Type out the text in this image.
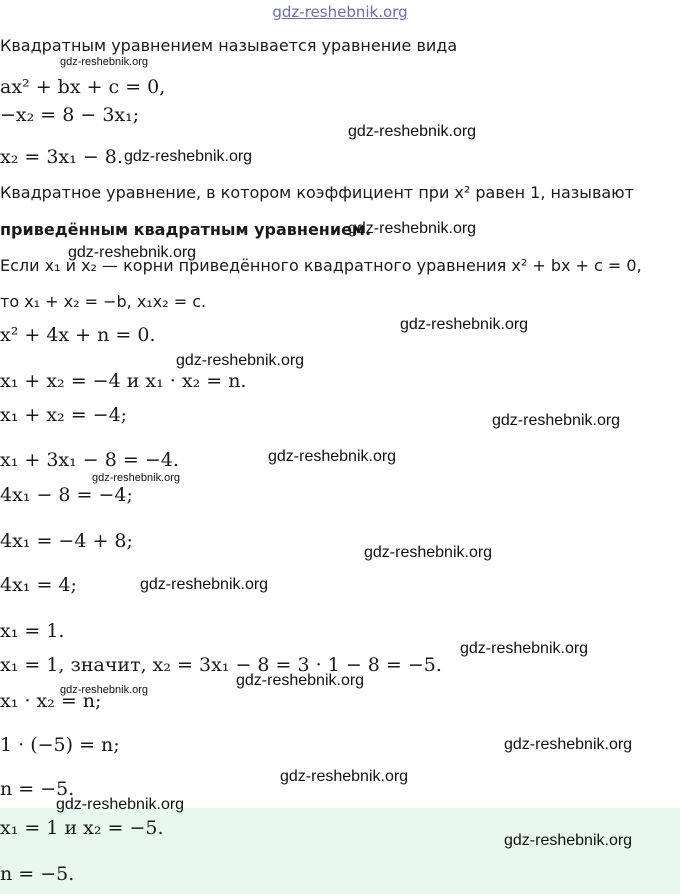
gdz-reshebnik.org
Квадратным уравнением называется уравнение вида
ax² + bx + c = 0,
−x₂ = 8 − 3x₁;
x₂ = 3x₁ − 8.
Квадратное уравнение, в котором коэффициент при x² равен 1, называют
приведённым квадратным уравнением.
Если x₁ и x₂ — корни приведённого квадратного уравнения x² + bx + c = 0,
то x₁ + x₂ = −b, x₁x₂ = c.
x² + 4x + n = 0.
x₁ + x₂ = −4 и x₁ · x₂ = n.
x₁ + x₂ = −4;
x₁ + 3x₁ − 8 = −4.
4x₁ − 8 = −4;
4x₁ = −4 + 8;
4x₁ = 4;
x₁ = 1.
x₁ = 1, значит, x₂ = 3x₁ − 8 = 3 · 1 − 8 = −5.
x₁ · x₂ = n;
1 · (−5) = n;
n = −5.
x₁ = 1 и x₂ = −5.
n = −5.
gdz-reshebnik.org
gdz-reshebnik.org
gdz-reshebnik.org
gdz-reshebnik.org
gdz-reshebnik.org
gdz-reshebnik.org
gdz-reshebnik.org
gdz-reshebnik.org
gdz-reshebnik.org
gdz-reshebnik.org
gdz-reshebnik.org
gdz-reshebnik.org
gdz-reshebnik.org
gdz-reshebnik.org
gdz-reshebnik.org
gdz-reshebnik.org
gdz-reshebnik.org
gdz-reshebnik.org
gdz-reshebnik.org
